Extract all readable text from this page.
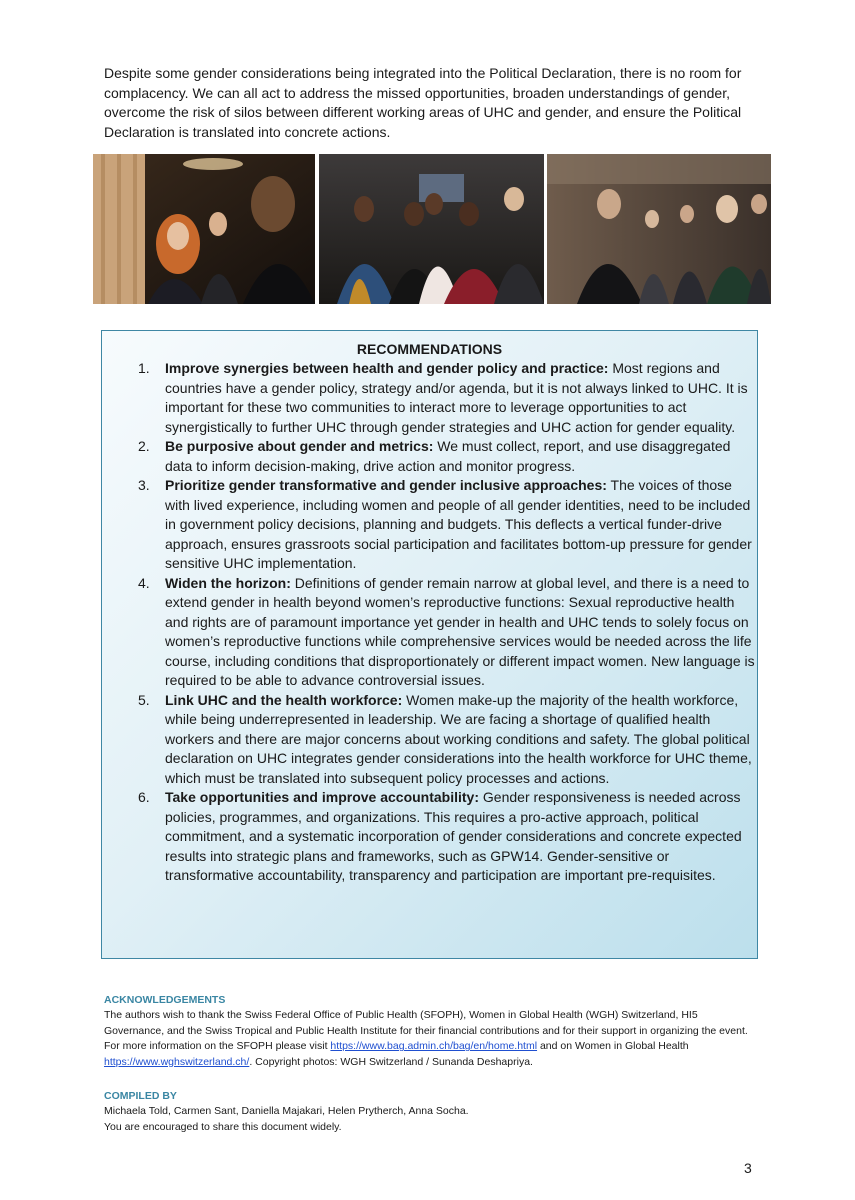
Despite some gender considerations being integrated into the Political Declaration, there is no room for complacency. We can all act to address the missed opportunities, broaden understandings of gender, overcome the risk of silos between different working areas of UHC and gender, and ensure the Political Declaration is translated into concrete actions.

RECOMMENDATIONS

1. Improve synergies between health and gender policy and practice: Most regions and countries have a gender policy, strategy and/or agenda, but it is not always linked to UHC. It is important for these two communities to interact more to leverage opportunities to act synergistically to further UHC through gender strategies and UHC action for gender equality.
2. Be purposive about gender and metrics: We must collect, report, and use disaggregated data to inform decision-making, drive action and monitor progress.
3. Prioritize gender transformative and gender inclusive approaches: The voices of those with lived experience, including women and people of all gender identities, need to be included in government policy decisions, planning and budgets. This deflects a vertical funder-drive approach, ensures grassroots social participation and facilitates bottom-up pressure for gender sensitive UHC implementation.
4. Widen the horizon: Definitions of gender remain narrow at global level, and there is a need to extend gender in health beyond women’s reproductive functions: Sexual reproductive health and rights are of paramount importance yet gender in health and UHC tends to solely focus on women’s reproductive functions while comprehensive services would be needed across the life course, including conditions that disproportionately or different impact women. New language is required to be able to advance controversial issues.
5. Link UHC and the health workforce: Women make-up the majority of the health workforce, while being underrepresented in leadership. We are facing a shortage of qualified health workers and there are major concerns about working conditions and safety. The global political declaration on UHC integrates gender considerations into the health workforce for UHC theme, which must be translated into subsequent policy processes and actions.
6. Take opportunities and improve accountability: Gender responsiveness is needed across policies, programmes, and organizations. This requires a pro-active approach, political commitment, and a systematic incorporation of gender considerations and concrete expected results into strategic plans and frameworks, such as GPW14. Gender-sensitive or transformative accountability, transparency and participation are important pre-requisites.

ACKNOWLEDGEMENTS

The authors wish to thank the Swiss Federal Office of Public Health (SFOPH), Women in Global Health (WGH) Switzerland, HI5 Governance, and the Swiss Tropical and Public Health Institute for their financial contributions and for their support in organizing the event. For more information on the SFOPH please visit https://www.bag.admin.ch/bag/en/home.html and on Women in Global Health https://www.wghswitzerland.ch/. Copyright photos: WGH Switzerland / Sunanda Deshapriya.

COMPILED BY

Michaela Told, Carmen Sant, Daniella Majakari, Helen Prytherch, Anna Socha.
You are encouraged to share this document widely.

3
